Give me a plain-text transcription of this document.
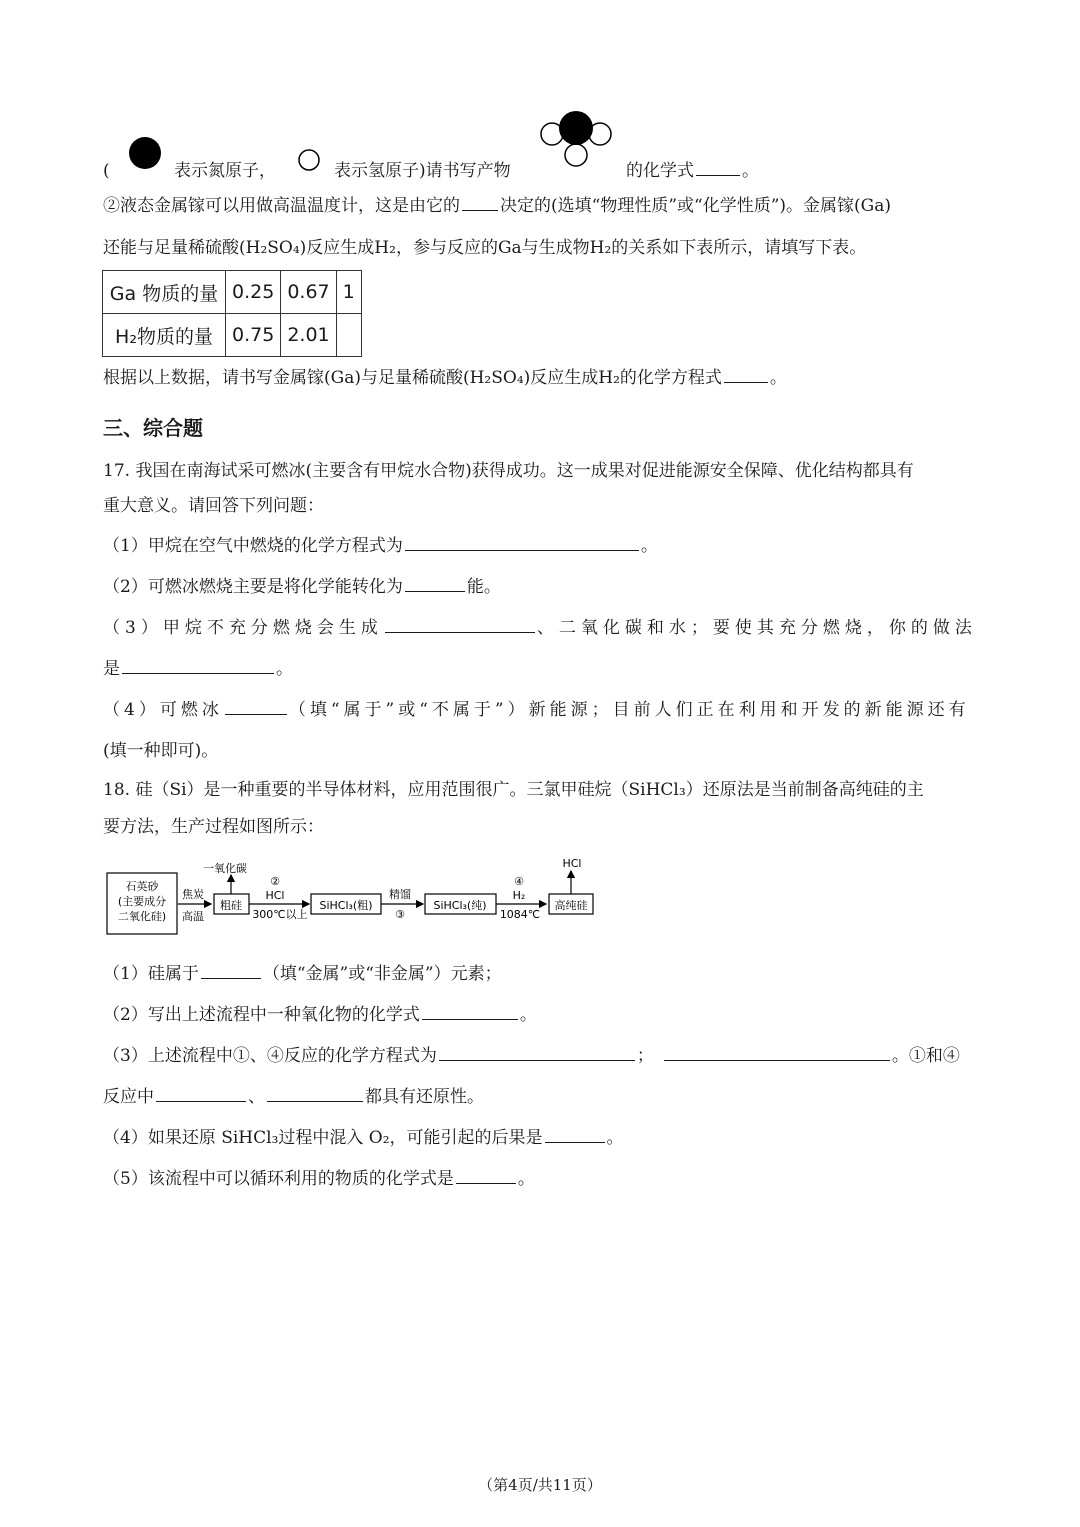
(	表示氮原子，	表示氢原子)请书写产物	的化学式	。
②液态金属镓可以用做高温温度计，这是由它的 决定的(选填“物理性质”或“化学性质”)。金属镓(Ga)
还能与足量稀硫酸(H₂SO₄)反应生成H₂，参与反应的Ga与生成物H₂的关系如下表所示，请填写下表。
Ga 物质的量	0.25	0.67	1
H₂物质的量	0.75	2.01	
根据以上数据，请书写金属镓(Ga)与足量稀硫酸(H₂SO₄)反应生成H₂的化学方程式	。
三、综合题
17. 我国在南海试采可燃冰(主要含有甲烷水合物)获得成功。这一成果对促进能源安全保障、优化结构都具有
重大意义。请回答下列问题：
（1）甲烷在空气中燃烧的化学方程式为	。
（2）可燃冰燃烧主要是将化学能转化为	能。
（3）甲烷不充分燃烧会生成	、二氧化碳和水；要使其充分燃烧，你的做法
是	。
（4）可燃冰	（填“属于”或“不属于”）新能源；目前人们正在利用和开发的新能源还有
(填一种即可)。
18. 硅（Si）是一种重要的半导体材料，应用范围很广。三氯甲硅烷（SiHCl₃）还原法是当前制备高纯硅的主
要方法，生产过程如图所示：
石英砂
(主要成分
二氧化硅)
焦炭
高温
粗硅
一氧化碳
②
HCl
300℃以上
SiHCl₃(粗)
精馏
③
SiHCl₃(纯)
④
H₂
1084℃
高纯硅
HCl
（1）硅属于	（填“金属”或“非金属”）元素；
（2）写出上述流程中一种氧化物的化学式	。
（3）上述流程中①、④反应的化学方程式为	；	。①和④
反应中	、	都具有还原性。
（4）如果还原 SiHCl₃过程中混入 O₂，可能引起的后果是	。
（5）该流程中可以循环利用的物质的化学式是	。
（第4页/共11页）
